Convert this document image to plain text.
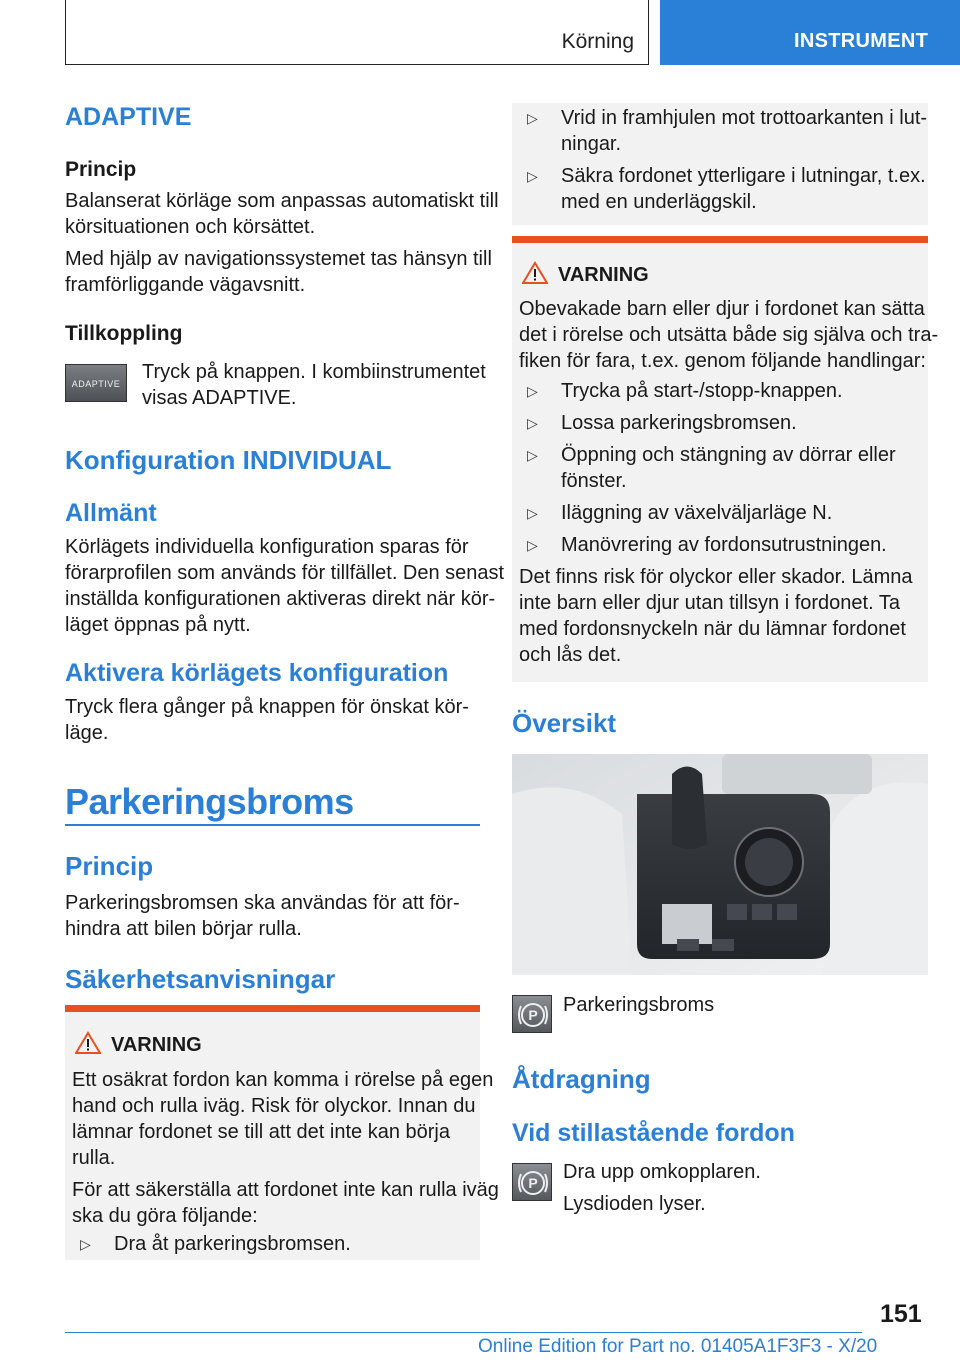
Körning	INSTRUMENT
ADAPTIVE
Princip
Balanserat körläge som anpassas automatiskt till
körsituationen och körsättet.
Med hjälp av navigationssystemet tas hänsyn till
framförliggande vägavsnitt.
Tillkoppling
ADAPTIVE
Tryck på knappen. I kombiinstrumentet
visas ADAPTIVE.
Konfiguration INDIVIDUAL
Allmänt
Körlägets individuella konfiguration sparas för
förarprofilen som används för tillfället. Den senast
inställda konfigurationen aktiveras direkt när kör‐
läget öppnas på nytt.
Aktivera körlägets konfiguration
Tryck flera gånger på knappen för önskat kör‐
läge.
Parkeringsbroms
Princip
Parkeringsbromsen ska användas för att för‐
hindra att bilen börjar rulla.
Säkerhetsanvisningar
VARNING
Ett osäkrat fordon kan komma i rörelse på egen
hand och rulla iväg. Risk för olyckor. Innan du
lämnar fordonet se till att det inte kan börja
rulla.
För att säkerställa att fordonet inte kan rulla iväg
ska du göra följande:
▷ Dra åt parkeringsbromsen.
▷ Vrid in framhjulen mot trottoarkanten i lut‐
ningar.
▷ Säkra fordonet ytterligare i lutningar, t.ex.
med en underläggskil.
VARNING
Obevakade barn eller djur i fordonet kan sätta
det i rörelse och utsätta både sig själva och tra‐
fiken för fara, t.ex. genom följande handlingar:
▷ Trycka på start-/stopp-knappen.
▷ Lossa parkeringsbromsen.
▷ Öppning och stängning av dörrar eller
fönster.
▷ Iläggning av växelväljarläge N.
▷ Manövrering av fordonsutrustningen.
Det finns risk för olyckor eller skador. Lämna
inte barn eller djur utan tillsyn i fordonet. Ta
med fordonsnyckeln när du lämnar fordonet
och lås det.
Översikt
P Parkeringsbroms
Åtdragning
Vid stillastående fordon
P Dra upp omkopplaren.
Lysdioden lyser.
151
Online Edition for Part no. 01405A1F3F3 - X/20
